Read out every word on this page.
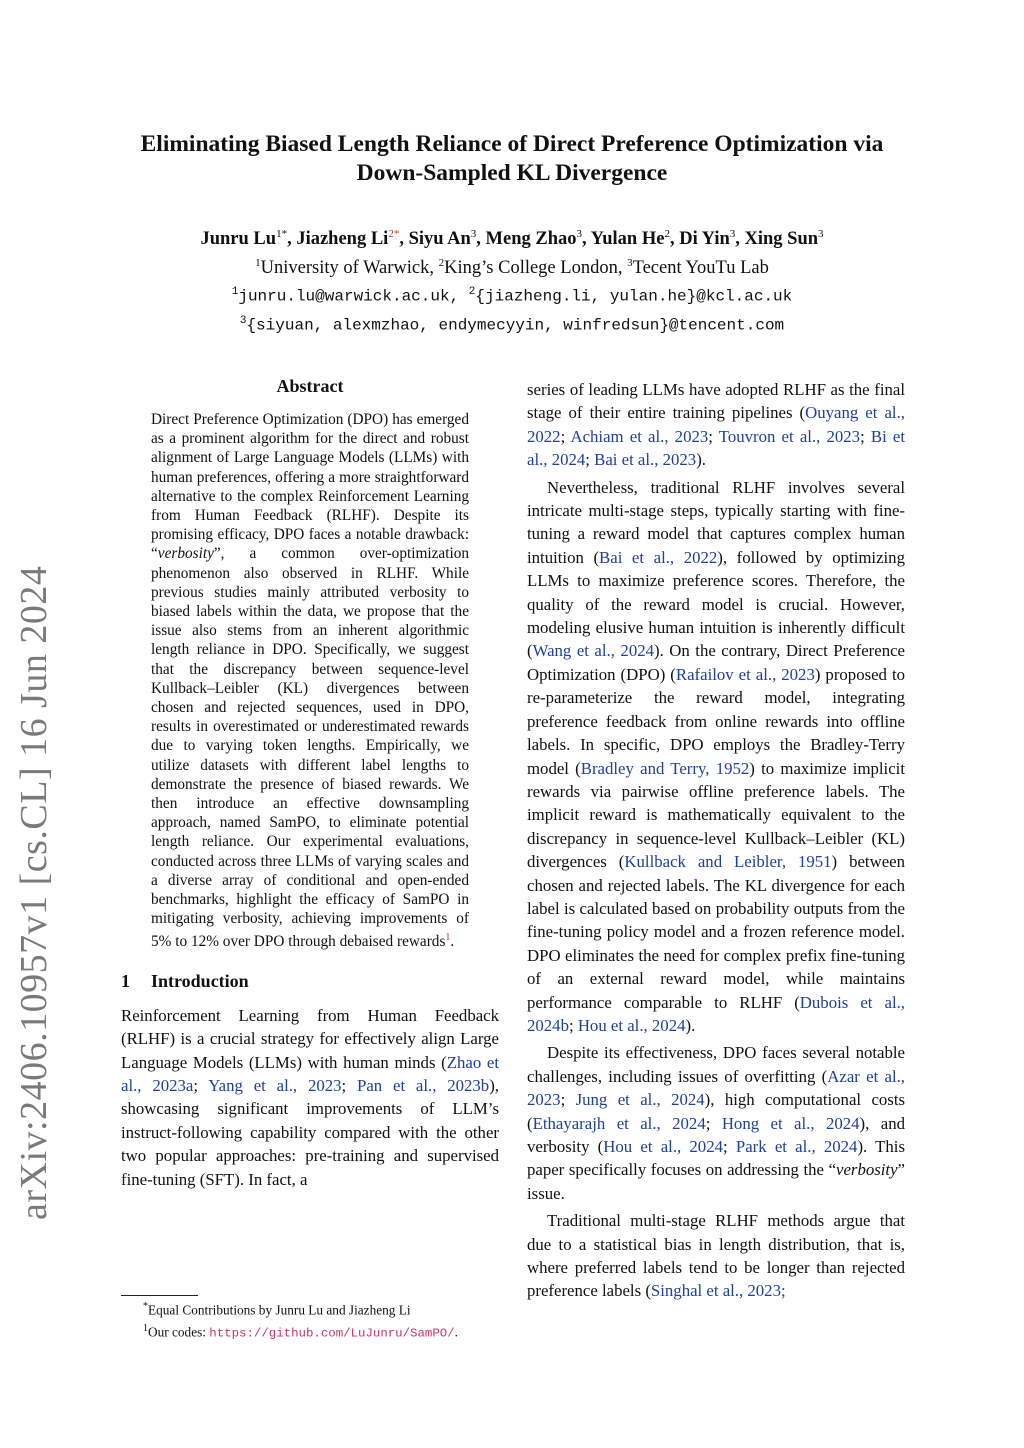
arXiv:2406.10957v1 [cs.CL] 16 Jun 2024
Eliminating Biased Length Reliance of Direct Preference Optimization via
Down-Sampled KL Divergence
Junru $Lu^{1*}$, Jiazheng $Li^{2*}$, Siyu An$^3$, Meng Zhao$^3$, Yulan He$^2$, Di Yin$^3$, Xing Sun$^3$
$^1$University of Warwick, $^2$King’s College London, $^3$Tecent YouTu Lab
$^1$junru.lu@warwick.ac.uk, $^2${jiazheng.li, yulan.he}@kcl.ac.uk
$^3${siyuan, alexmzhao, endymecyyin, winfredsun}@tencent.com
Abstract
Direct Preference Optimization (DPO) has emerged as a prominent algorithm for the direct and robust alignment of Large Language Models (LLMs) with human preferences, offering a more straightforward alternative to the complex Reinforcement Learning from Human Feedback (RLHF). Despite its promising efficacy, DPO faces a notable drawback: “verbosity”, a common over-optimization phenomenon also observed in RLHF. While previous studies mainly attributed verbosity to biased labels within the data, we propose that the issue also stems from an inherent algorithmic length reliance in DPO. Specifically, we suggest that the discrepancy between sequence-level Kullback–Leibler (KL) divergences between chosen and rejected sequences, used in DPO, results in overestimated or underestimated rewards due to varying token lengths. Empirically, we utilize datasets with different label lengths to demonstrate the presence of biased rewards. We then introduce an effective downsampling approach, named SamPO, to eliminate potential length reliance. Our experimental evaluations, conducted across three LLMs of varying scales and a diverse array of conditional and open-ended benchmarks, highlight the efficacy of SamPO in mitigating verbosity, achieving improvements of 5% to 12% over DPO through debaised rewards$^1$.
1 Introduction

Reinforcement Learning from Human Feedback (RLHF) is a crucial strategy for effectively align Large Language Models (LLMs) with human minds (Zhao et al., 2023a; Yang et al., 2023; Pan et al., 2023b), showcasing significant improvements of LLM’s instruct-following capability compared with the other two popular approaches: pre-training and supervised fine-tuning (SFT). In fact, a

*Equal Contributions by Junru Lu and Jiazheng Li
$^1$Our codes: https://github.com/LuJunru/SamPO/.

series of leading LLMs have adopted RLHF as the final stage of their entire training pipelines (Ouyang et al., 2022; Achiam et al., 2023; Touvron et al., 2023; Bi et al., 2024; Bai et al., 2023).

Nevertheless, traditional RLHF involves several intricate multi-stage steps, typically starting with fine-tuning a reward model that captures complex human intuition (Bai et al., 2022), followed by optimizing LLMs to maximize preference scores. Therefore, the quality of the reward model is crucial. However, modeling elusive human intuition is inherently difficult (Wang et al., 2024). On the contrary, Direct Preference Optimization (DPO) (Rafailov et al., 2023) proposed to re-parameterize the reward model, integrating preference feedback from online rewards into offline labels. In specific, DPO employs the Bradley-Terry model (Bradley and Terry, 1952) to maximize implicit rewards via pairwise offline preference labels. The implicit reward is mathematically equivalent to the discrepancy in sequence-level Kullback–Leibler (KL) divergences (Kullback and Leibler, 1951) between chosen and rejected labels. The KL divergence for each label is calculated based on probability outputs from the fine-tuning policy model and a frozen reference model. DPO eliminates the need for complex prefix fine-tuning of an external reward model, while maintains performance comparable to RLHF (Dubois et al., 2024b; Hou et al., 2024).

Despite its effectiveness, DPO faces several notable challenges, including issues of overfitting (Azar et al., 2023; Jung et al., 2024), high computational costs (Ethayarajh et al., 2024; Hong et al., 2024), and verbosity (Hou et al., 2024; Park et al., 2024). This paper specifically focuses on addressing the “verbosity” issue.

Traditional multi-stage RLHF methods argue that due to a statistical bias in length distribution, that is, where preferred labels tend to be longer than rejected preference labels (Singhal et al., 2023;
